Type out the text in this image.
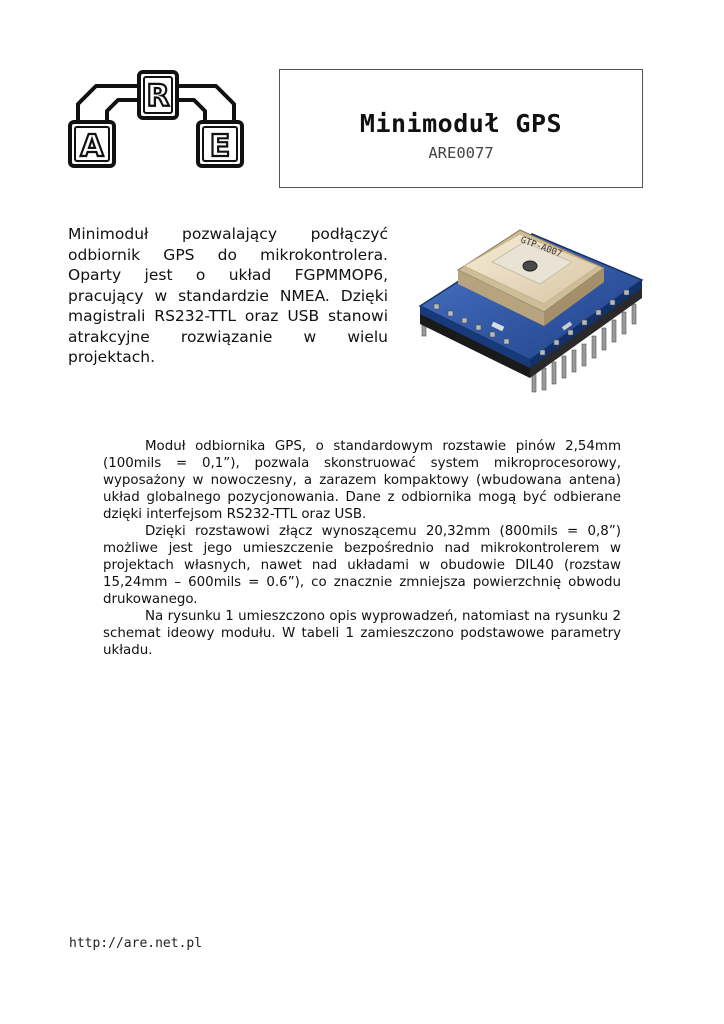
R
A	E
Minimoduł GPS
ARE0077
Minimoduł pozwalający podłączyć odbiornik GPS do mikrokontrolera. Oparty jest o układ FGPMMOP6, pracujący w standardzie NMEA. Dzięki magistrali RS232-TTL oraz USB stanowi atrakcyjne rozwiązanie w wielu projektach.
GTP-A007

Moduł odbiornika GPS, o standardowym rozstawie pinów 2,54mm (100mils = 0,1”), pozwala skonstruować system mikroprocesorowy, wyposażony w nowoczesny, a zarazem kompaktowy (wbudowana antena) układ globalnego pozycjonowania. Dane z odbiornika mogą być odbierane dzięki interfejsom RS232-TTL oraz USB.

Dzięki rozstawowi złącz wynoszącemu 20,32mm (800mils = 0,8”) możliwe jest jego umieszczenie bezpośrednio nad mikrokontrolerem w projektach własnych, nawet nad układami w obudowie DIL40 (rozstaw 15,24mm – 600mils = 0.6”), co znacznie zmniejsza powierzchnię obwodu drukowanego.

Na rysunku 1 umieszczono opis wyprowadzeń, natomiast na rysunku 2 schemat ideowy modułu. W tabeli 1 zamieszczono podstawowe parametry układu.

http://are.net.pl
